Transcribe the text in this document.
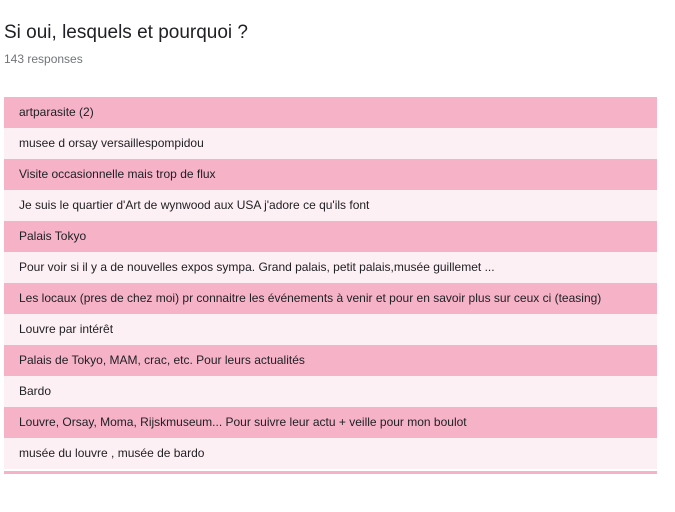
Si oui, lesquels et pourquoi ?
143 responses
artparasite (2)
musee d orsay versaillespompidou
Visite occasionnelle mais trop de flux
Je suis le quartier d'Art de wynwood aux USA j'adore ce qu'ils font
Palais Tokyo
Pour voir si il y a de nouvelles expos sympa. Grand palais, petit palais,musée guillemet ...
Les locaux (pres de chez moi) pr connaitre les événements à venir et pour en savoir plus sur ceux ci (teasing)
Louvre par intérêt
Palais de Tokyo, MAM, crac, etc. Pour leurs actualités
Bardo
Louvre, Orsay, Moma, Rijskmuseum... Pour suivre leur actu + veille pour mon boulot
musée du louvre , musée de bardo
